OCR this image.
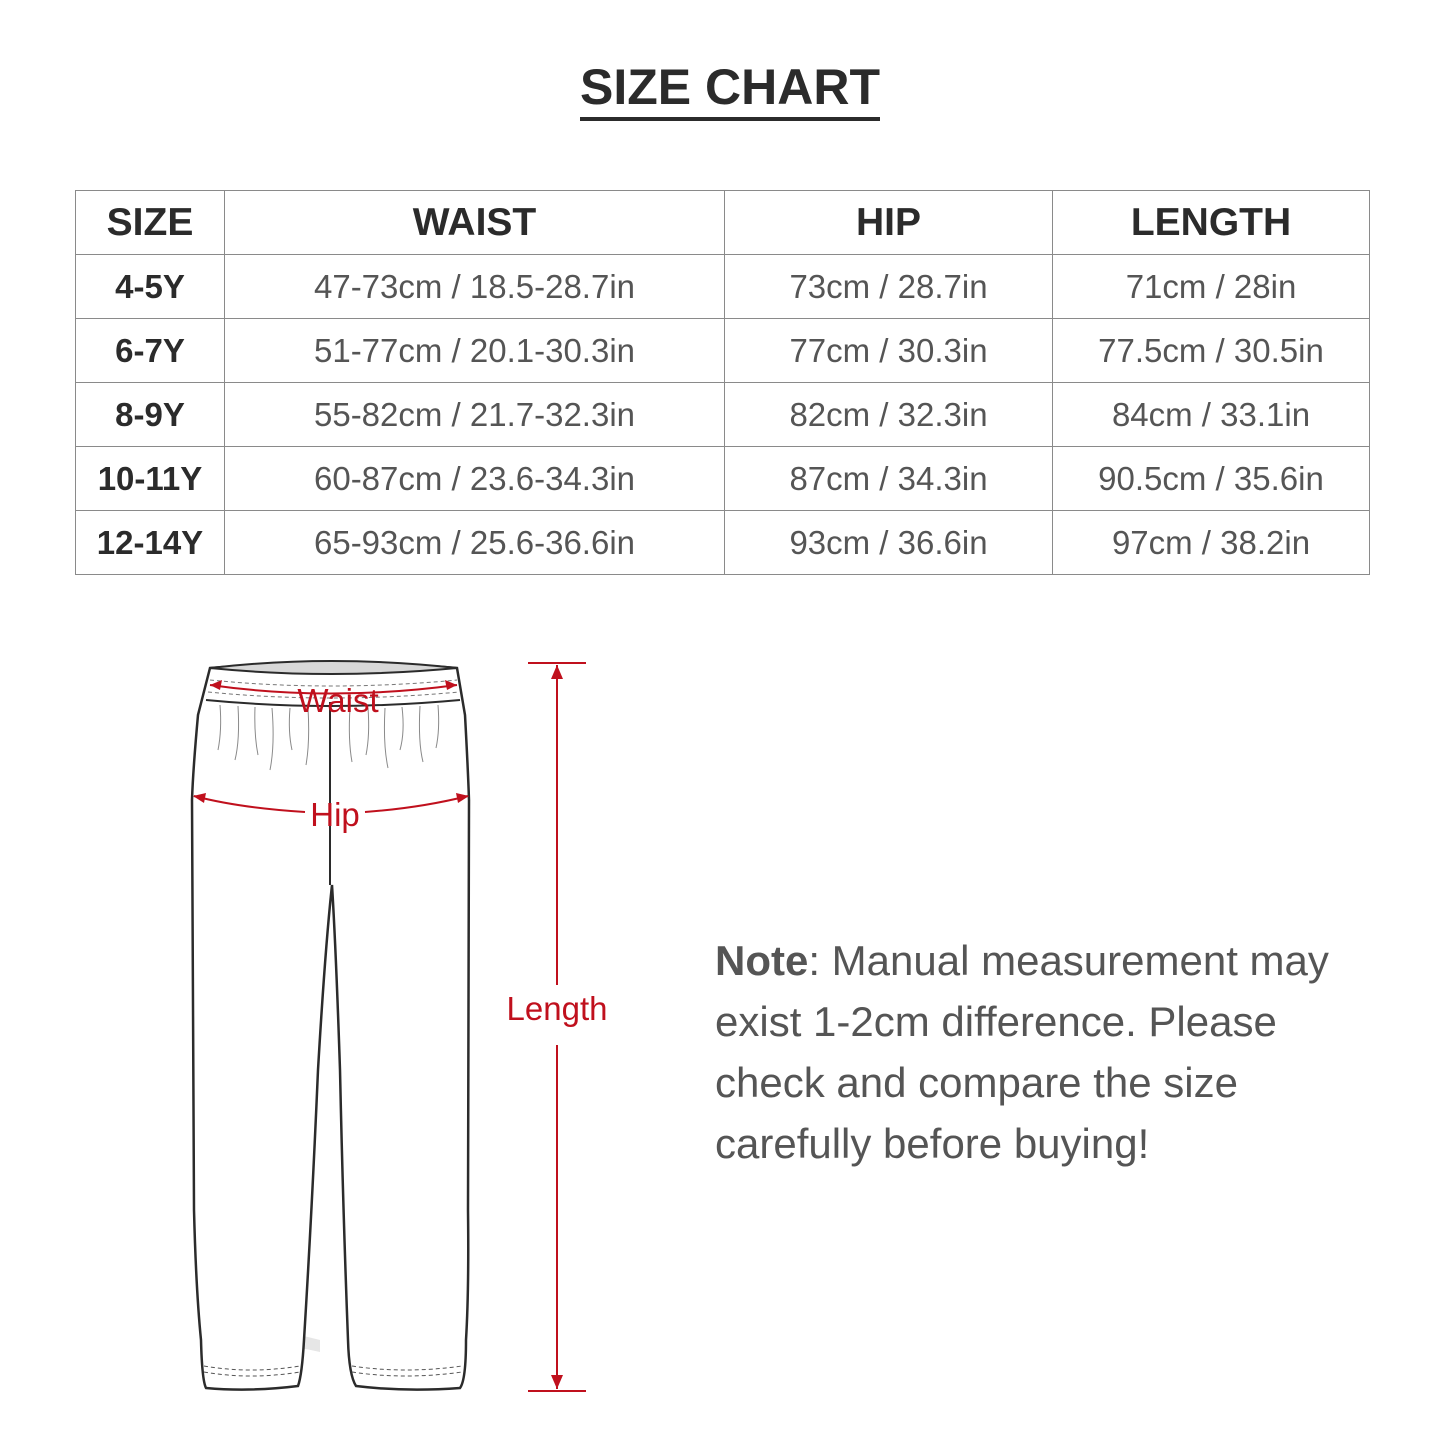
SIZE CHART
SIZE	WAIST	HIP	LENGTH
4-5Y	47-73cm / 18.5-28.7in	73cm / 28.7in	71cm / 28in
6-7Y	51-77cm / 20.1-30.3in	77cm / 30.3in	77.5cm / 30.5in
8-9Y	55-82cm / 21.7-32.3in	82cm / 32.3in	84cm / 33.1in
10-11Y	60-87cm / 23.6-34.3in	87cm / 34.3in	90.5cm / 35.6in
12-14Y	65-93cm / 25.6-36.6in	93cm / 36.6in	97cm / 38.2in
Waist
Hip
Length
Note: Manual measurement may exist 1-2cm difference. Please check and compare the size carefully before buying!
